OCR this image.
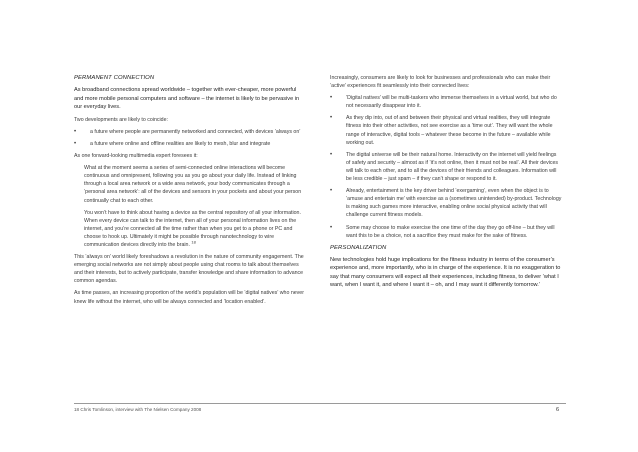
PERMANENT CONNECTION

As broadband connections spread worldwide – together with ever-cheaper, more powerful and more mobile personal computers and software – the internet is likely to be pervasive in our everyday lives.

Two developments are likely to coincide:

•	a future where people are permanently networked and connected, with devices ‘always on’
•	a future where online and offline realities are likely to mesh, blur and integrate

As one forward-looking multimedia expert foresees it:

What at the moment seems a series of semi-connected online interactions will become continuous and omnipresent, following you as you go about your daily life. Instead of linking through a local area network or a wide area network, your body communicates through a ‘personal area network’: all of the devices and sensors in your pockets and about your person continually chat to each other.

You won’t have to think about having a device as the central repository of all your information. When every device can talk to the internet, then all of your personal information lives on the internet, and you’re connected all the time rather than when you get to a phone or PC and choose to hook up. Ultimately it might be possible through nanotechnology to wire communication devices directly into the brain. $^{18}$

This ‘always on’ world likely foreshadows a revolution in the nature of community engagement. The emerging social networks are not simply about people using chat rooms to talk about themselves and their interests, but to actively participate, transfer knowledge and share information to advance common agendas.

As time passes, an increasing proportion of the world’s population will be ‘digital natives’ who never knew life without the internet, who will be always connected and ‘location enabled’.

Increasingly, consumers are likely to look for businesses and professionals who can make their ‘active’ experiences fit seamlessly into their connected lives:

•	‘Digital natives’ will be multi-taskers who immerse themselves in a virtual world, but who do not necessarily disappear into it.
•	As they dip into, out of and between their physical and virtual realities, they will integrate fitness into their other activities, not see exercise as a ‘time out’. They will want the whole range of interactive, digital tools – whatever these become in the future – available while working out.
•	The digital universe will be their natural home. Interactivity on the internet will yield feelings of safety and security – almost as if ‘it’s not online, then it must not be real’. All their devices will talk to each other, and to all the devices of their friends and colleagues. Information will be less credible – just spam – if they can’t shape or respond to it.
•	Already, entertainment is the key driver behind ‘exergaming’, even when the object is to ‘amuse and entertain me’ with exercise as a (sometimes unintended) by-product. Technology is making such games more interactive, enabling online social physical activity that will challenge current fitness models.
•	Some may choose to make exercise the one time of the day they go off-line – but they will want this to be a choice, not a sacrifice they must make for the sake of fitness.
PERSONALIZATION

New technologies hold huge implications for the fitness industry in terms of the consumer’s experience and, more importantly, who is in charge of the experience. It is no exaggeration to say that many consumers will expect all their experiences, including fitness, to deliver ‘what I want, when I want it, and where I want it – oh, and I may want it differently tomorrow.’

18 Chris Tomlinson, interview with The Nielsen Company 2008	6
